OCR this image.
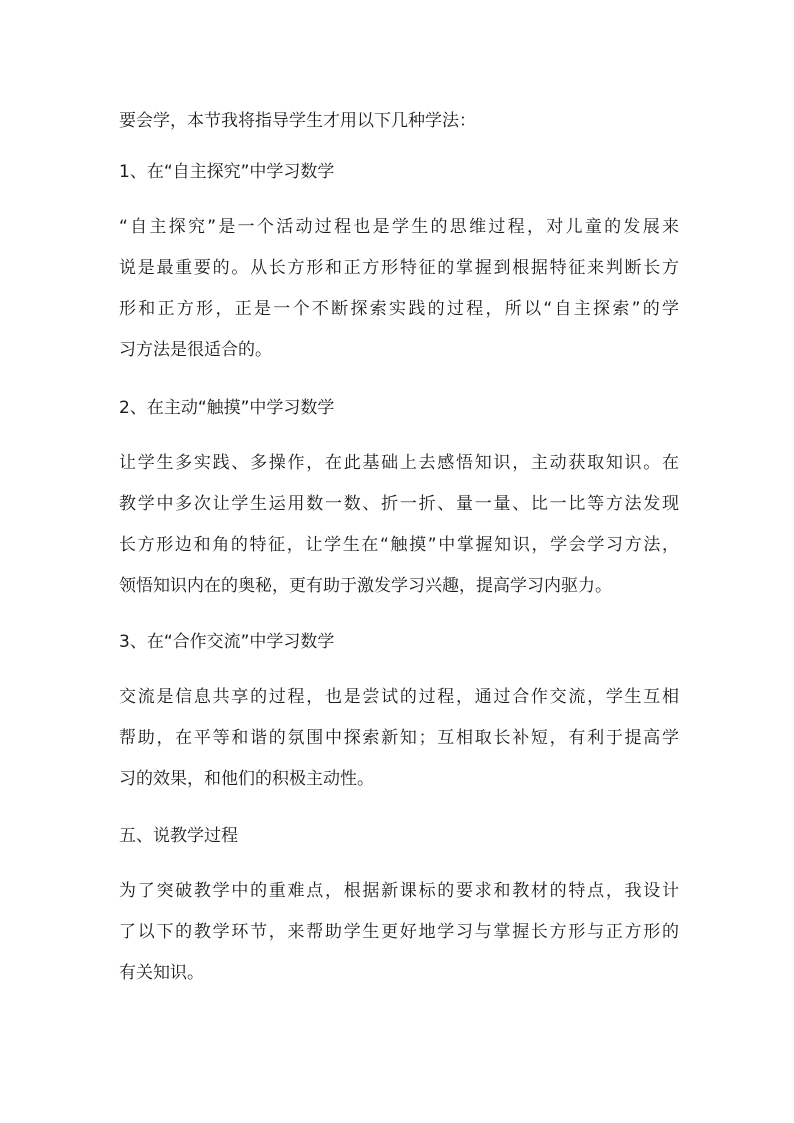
要会学，本节我将指导学生才用以下几种学法：
1、在“自主探究”中学习数学
“自主探究”是一个活动过程也是学生的思维过程，对儿童的发展来
说是最重要的。从长方形和正方形特征的掌握到根据特征来判断长方
形和正方形，正是一个不断探索实践的过程，所以“自主探索”的学
习方法是很适合的。
2、在主动“触摸”中学习数学
让学生多实践、多操作，在此基础上去感悟知识，主动获取知识。在
教学中多次让学生运用数一数、折一折、量一量、比一比等方法发现
长方形边和角的特征，让学生在“触摸”中掌握知识，学会学习方法，
领悟知识内在的奥秘，更有助于激发学习兴趣，提高学习内驱力。
3、在“合作交流”中学习数学
交流是信息共享的过程，也是尝试的过程，通过合作交流，学生互相
帮助，在平等和谐的氛围中探索新知；互相取长补短，有利于提高学
习的效果，和他们的积极主动性。
五、说教学过程
为了突破教学中的重难点，根据新课标的要求和教材的特点，我设计
了以下的教学环节，来帮助学生更好地学习与掌握长方形与正方形的
有关知识。
